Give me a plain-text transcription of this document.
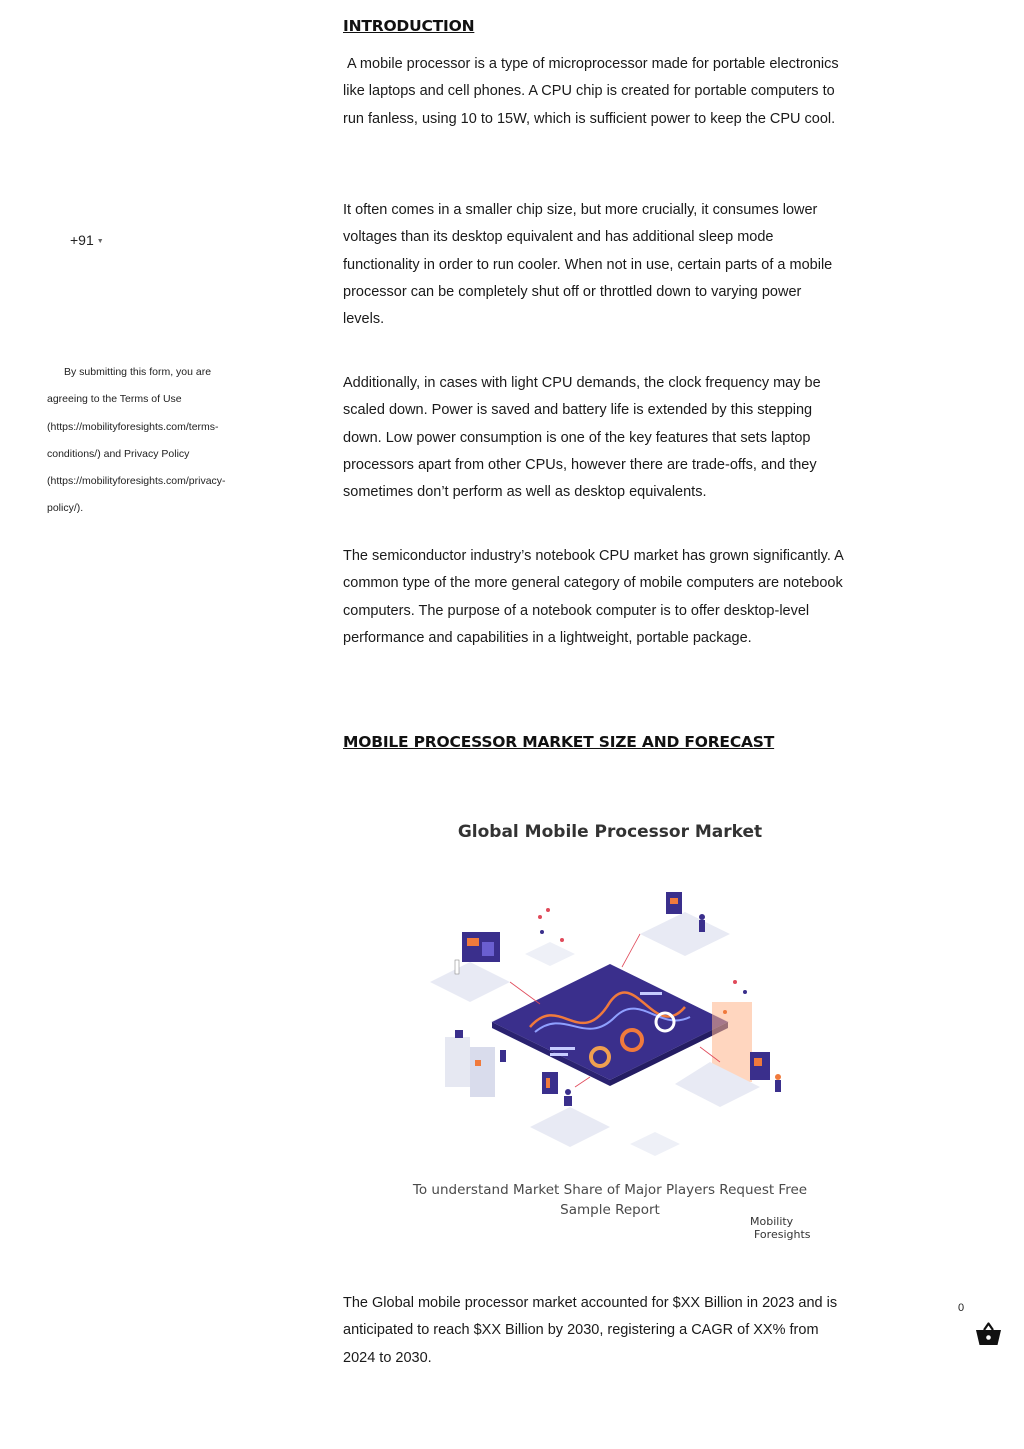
INTRODUCTION

A mobile processor is a type of microprocessor made for portable electronics like laptops and cell phones. A CPU chip is created for portable computers to run fanless, using 10 to 15W, which is sufficient power to keep the CPU cool.

It often comes in a smaller chip size, but more crucially, it consumes lower voltages than its desktop equivalent and has additional sleep mode functionality in order to run cooler. When not in use, certain parts of a mobile processor can be completely shut off or throttled down to varying power levels.

Additionally, in cases with light CPU demands, the clock frequency may be scaled down. Power is saved and battery life is extended by this stepping down. Low power consumption is one of the key features that sets laptop processors apart from other CPUs, however there are trade-offs, and they sometimes don’t perform as well as desktop equivalents.

The semiconductor industry’s notebook CPU market has grown significantly. A common type of the more general category of mobile computers are notebook computers. The purpose of a notebook computer is to offer desktop-level performance and capabilities in a lightweight, portable package.

MOBILE PROCESSOR MARKET SIZE AND FORECAST
Global Mobile Processor Market
To understand Market Share of Major Players Request Free
Sample Report
Mobility
Foresights

The Global mobile processor market accounted for $XX Billion in 2023 and is anticipated to reach $XX Billion by 2030, registering a CAGR of XX% from 2024 to 2030.

+91 ▼
By submitting this form, you are
agreeing to the Terms of Use
(https://mobilityforesights.com/terms-
conditions/) and Privacy Policy
(https://mobilityforesights.com/privacy-
policy/).
0
